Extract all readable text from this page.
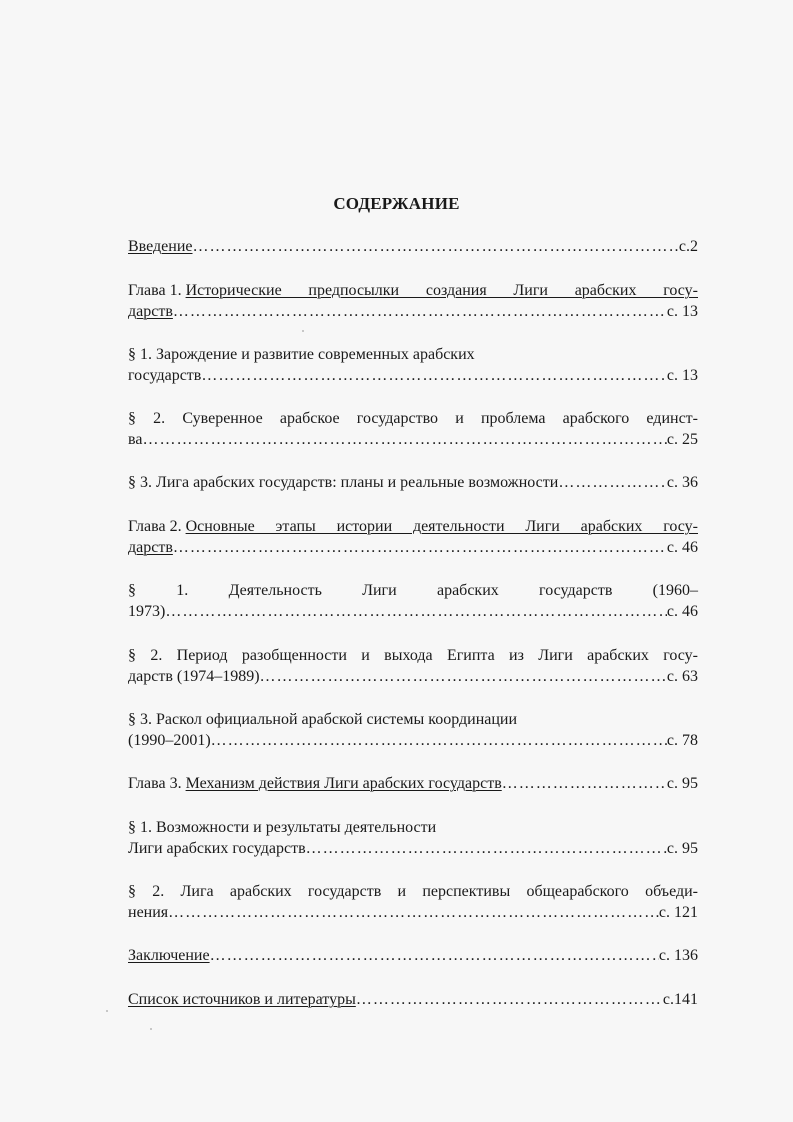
СОДЕРЖАНИЕ
Введение ……………………………………………………………………………………………………………………………………………………	с.2
Глава 1. Исторические предпосылки создания Лиги арабских госу-
дарств ……………………………………………………………………………………………………………………………………………………	с. 13
§ 1. Зарождение и развитие современных арабских
государств ……………………………………………………………………………………………………………………………………………………	с. 13
§ 2. Суверенное арабское государство и проблема арабского единст-
ва ……………………………………………………………………………………………………………………………………………………	с. 25
§ 3. Лига арабских государств: планы и реальные возможности ……………………………………………………………………………………………………………………………………………………	с. 36
Глава 2. Основные этапы истории деятельности Лиги арабских госу-
дарств ……………………………………………………………………………………………………………………………………………………	с. 46
§	1.	Деятельность	Лиги	арабских	государств	(1960–
1973) ……………………………………………………………………………………………………………………………………………………	с. 46
§ 2. Период разобщенности и выхода Египта из Лиги арабских госу-
дарств (1974–1989) ……………………………………………………………………………………………………………………………………………………	с. 63
§ 3. Раскол официальной арабской системы координации
(1990–2001) ……………………………………………………………………………………………………………………………………………………	с. 78
Глава 3. Механизм действия Лиги арабских государств ……………………………………………………………………………………………………………………………………………………	с. 95
§ 1. Возможности и результаты деятельности
Лиги арабских государств ……………………………………………………………………………………………………………………………………………………	с. 95
§ 2. Лига арабских государств и перспективы общеарабского объеди-
нения ……………………………………………………………………………………………………………………………………………………	с. 121
Заключение ……………………………………………………………………………………………………………………………………………………	с. 136
Список источников и литературы ……………………………………………………………………………………………………………………………………………………	с.141
